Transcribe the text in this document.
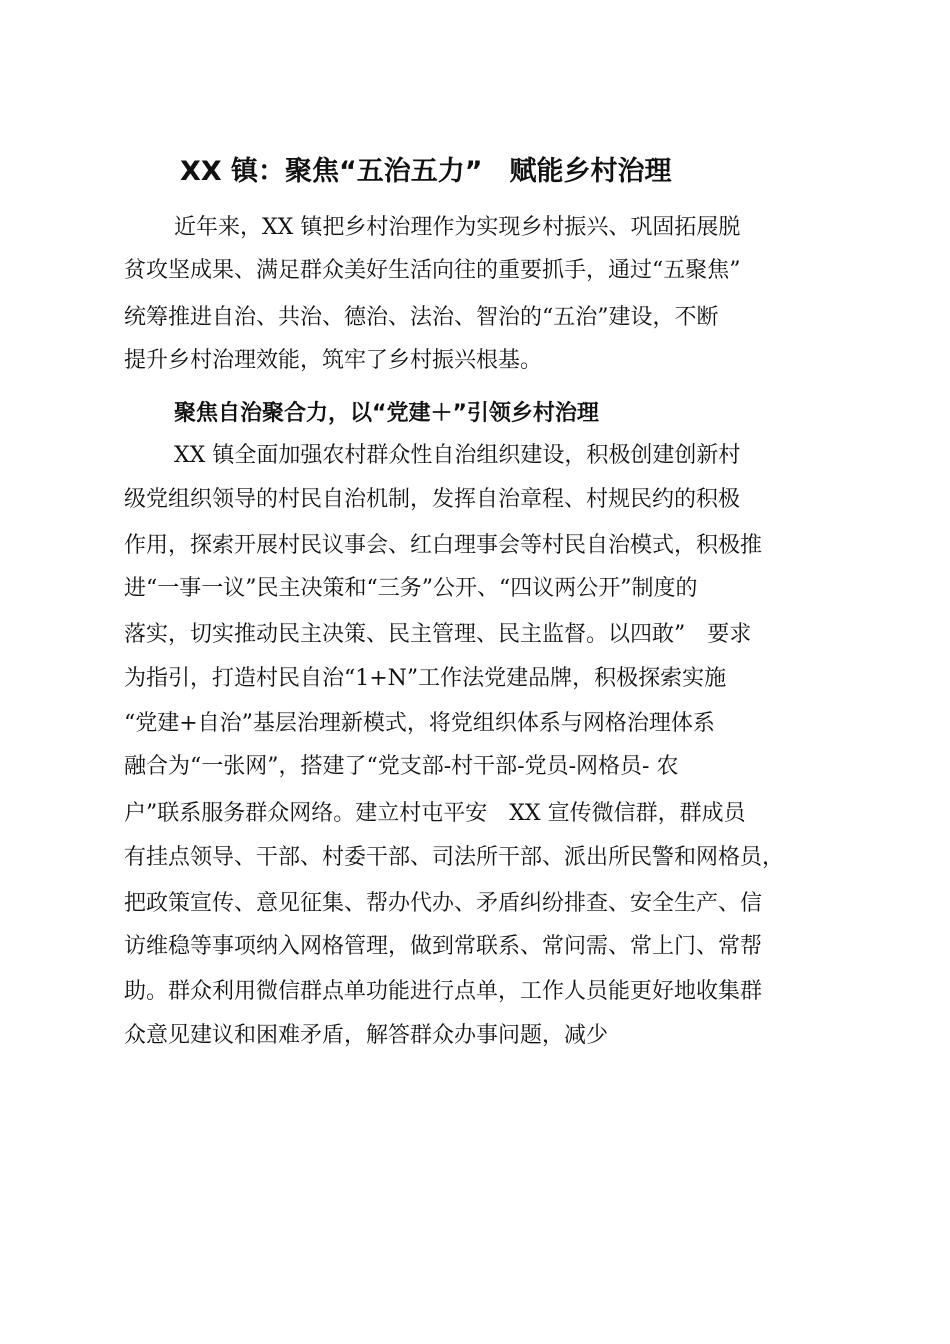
XX 镇：聚焦“五治五力”　赋能乡村治理

近年来，XX 镇把乡村治理作为实现乡村振兴、巩固拓展脱

贫攻坚成果、满足群众美好生活向往的重要抓手，通过“五聚焦”

统筹推进自治、共治、德治、法治、智治的“五治”建设，不断

提升乡村治理效能，筑牢了乡村振兴根基。

聚焦自治聚合力，以“党建＋”引领乡村治理

XX 镇全面加强农村群众性自治组织建设，积极创建创新村

级党组织领导的村民自治机制，发挥自治章程、村规民约的积极

作用，探索开展村民议事会、红白理事会等村民自治模式，积极推

进“一事一议”民主决策和“三务”公开、“四议两公开”制度的

落实，切实推动民主决策、民主管理、民主监督。以四敢”　要求

为指引，打造村民自治“1+N”工作法党建品牌，积极探索实施

“党建+自治”基层治理新模式，将党组织体系与网格治理体系

融合为“一张网”，搭建了“党支部-村干部-党员-网格员- 农

户”联系服务群众网络。建立村屯平安　XX 宣传微信群，群成员

有挂点领导、干部、村委干部、司法所干部、派出所民警和网格员，

把政策宣传、意见征集、帮办代办、矛盾纠纷排查、安全生产、信

访维稳等事项纳入网格管理，做到常联系、常问需、常上门、常帮

助。群众利用微信群点单功能进行点单，工作人员能更好地收集群

众意见建议和困难矛盾，解答群众办事问题，减少
